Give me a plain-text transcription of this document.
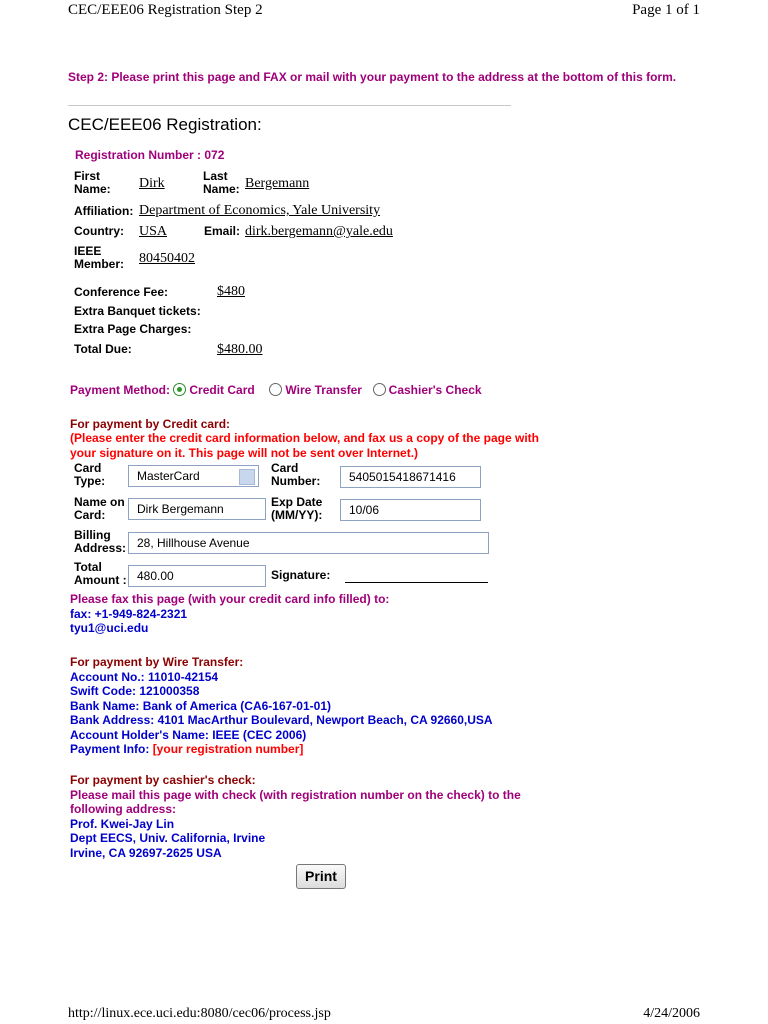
CEC/EEE06 Registration Step 2	Page 1 of 1
Step 2: Please print this page and FAX or mail with your payment to the address at the bottom of this form.
CEC/EEE06 Registration:
Registration Number : 072
First
Name: Dirk	Last
Name: Bergemann
Affiliation: Department of Economics, Yale University
Country: USA	Email: dirk.bergemann@yale.edu
IEEE
Member: 80450402
Conference Fee:	$480
Extra Banquet tickets:
Extra Page Charges:
Total Due:	$480.00
Payment Method: Credit Card	Wire Transfer Cashier's Check
For payment by Credit card:
(Please enter the credit card information below, and fax us a copy of the page with
your signature on it. This page will not be sent over Internet.)
Card
Type:	MasterCard
Card
Number:	5405015418671416
Name on
Card:	Dirk Bergemann	Exp Date
(MM/YY):	10/06
Billing
Address: 28, Hillhouse Avenue
Total
Amount : 480.00	Signature:
Please fax this page (with your credit card info filled) to:
fax: +1-949-824-2321
tyu1@uci.edu
For payment by Wire Transfer:
Account No.: 11010-42154
Swift Code: 121000358
Bank Name: Bank of America (CA6-167-01-01)
Bank Address: 4101 MacArthur Boulevard, Newport Beach, CA 92660,USA
Account Holder's Name: IEEE (CEC 2006)
Payment Info: [your registration number]
For payment by cashier's check:
Please mail this page with check (with registration number on the check) to the
following address:
Prof. Kwei-Jay Lin
Dept EECS, Univ. California, Irvine
Irvine, CA 92697-2625 USA
Print
http://linux.ece.uci.edu:8080/cec06/process.jsp	4/24/2006
